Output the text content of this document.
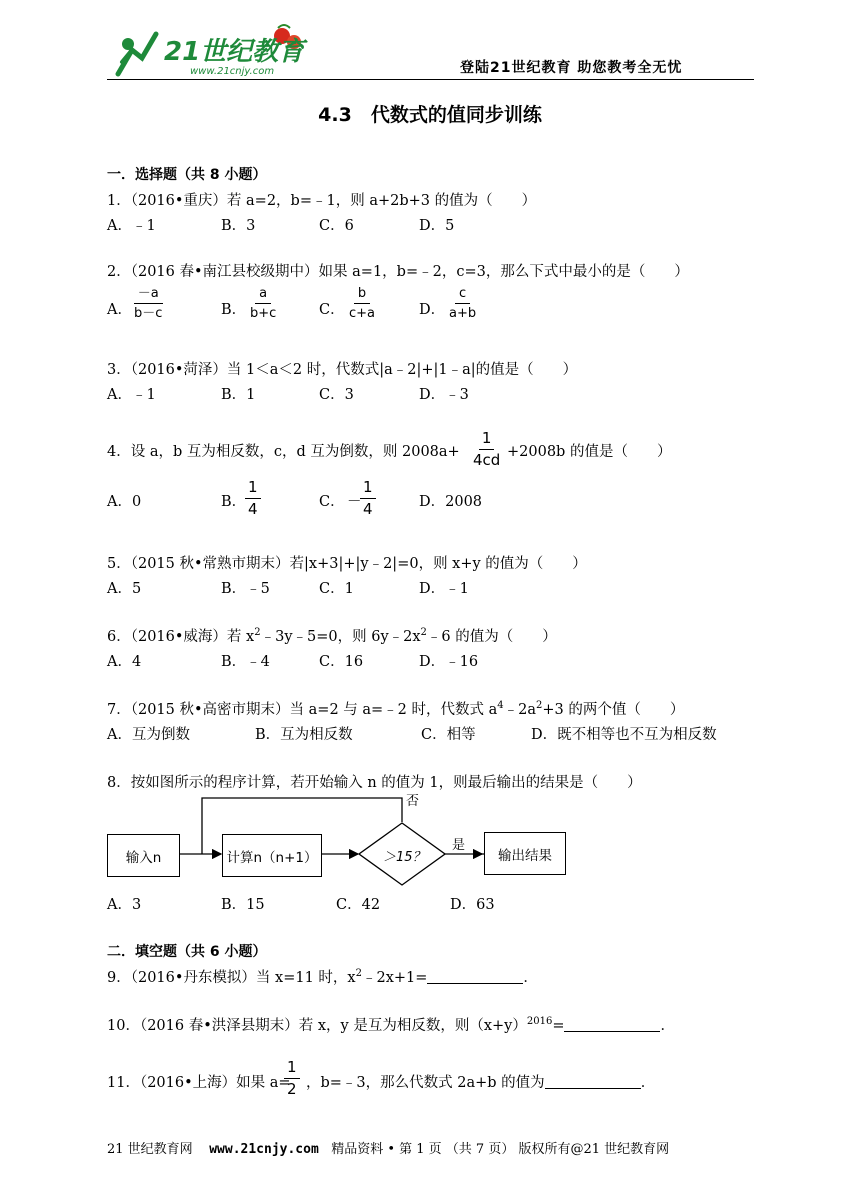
21世纪教育
www.21cnjy.com	登陆21世纪教育 助您教考全无忧
4.3　代数式的值同步训练
一．选择题（共 8 小题）
1．（2016•重庆）若 a=2，b=﹣1，则 a+2b+3 的值为（　　）
A．﹣1	B．3	C．6	D．5
2．（2016 春•南江县校级期中）如果 a=1，b=﹣2，c=3，那么下式中最小的是（　　）
A．
$\frac{-a}{b-c}$	B． $\frac{a}{b+c}$	C． $\frac{b}{c+a}$	D． $\frac{c}{a+b}$
3．（2016•菏泽）当 1＜a＜2 时，代数式|a﹣2|+|1﹣a|的值是（　　）
A．﹣1	B．1	C．3	D．﹣3
4．设 a，b 互为相反数，c，d 互为倒数，则 $2008a+ \frac{1}{4cd} +2008b$ 的值是（　　）
A．0	B．
$\frac{1}{4}$	C． －
$\frac{1}{4}$	D．2008
5．（2015 秋•常熟市期末）若|x+3|+|y﹣2|=0，则 x+y 的值为（　　）
A．5	B．﹣5	C．1	D．﹣1
6．（2016•威海）若 $x^2﹣3y﹣5=0$，则 $6y﹣2x^2﹣6$ 的值为（　　）
A．4	B．﹣4	C．16	D．﹣16
7．（2015 秋•高密市期末）当 a=2 与 a=﹣2 时，代数式 $a^4﹣2a^2+3$ 的两个值（　　）
A．互为倒数	B．互为相反数	C．相等	D．既不相等也不互为相反数
8．按如图所示的程序计算，若开始输入 n 的值为 1，则最后输出的结果是（　　）
输入n	计算n（n+1）	＞15？
否
是
输出结果
A．3	B．15	C．42	D．63
二．填空题（共 6 小题）
9．（2016•丹东模拟）当 x=11 时，$x^2﹣2x+1=$	．
10．（2016 春•洪泽县期末）若 x，y 是互为相反数，则$(x+y)^{2016}=$	．
11．（2016•上海）如果 a=
$\frac{1}{2}$ ，b=﹣3，那么代数式 2a+b 的值为	．
21 世纪教育网 www.21cnjy.com 精品资料 • 第 1 页 （共 7 页） 版权所有@21 世纪教育网
